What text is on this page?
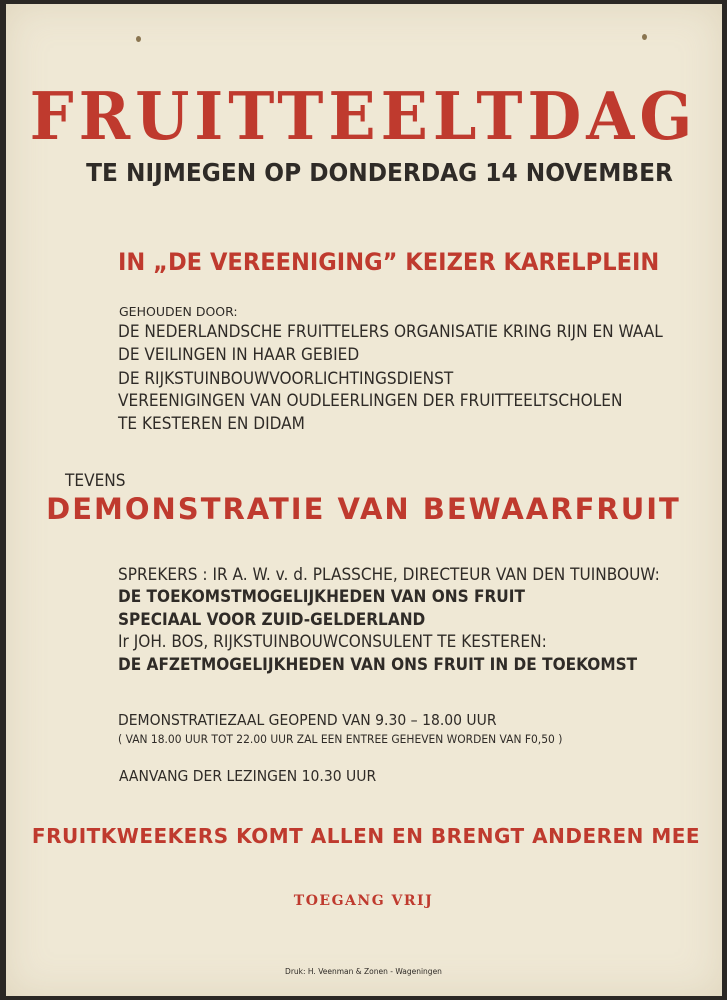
FRUITTEELTDAG
TE NIJMEGEN OP DONDERDAG 14 NOVEMBER
IN „DE VEREENIGING” KEIZER KARELPLEIN
GEHOUDEN DOOR:
DE NEDERLANDSCHE FRUITTELERS ORGANISATIE KRING RIJN EN WAAL
DE VEILINGEN IN HAAR GEBIED
DE RIJKSTUINBOUWVOORLICHTINGSDIENST
VEREENIGINGEN VAN OUDLEERLINGEN DER FRUITTEELTSCHOLEN
TE KESTEREN EN DIDAM
TEVENS
DEMONSTRATIE VAN BEWAARFRUIT
SPREKERS : IR A. W. v. d. PLASSCHE, DIRECTEUR VAN DEN TUINBOUW:
DE TOEKOMSTMOGELIJKHEDEN VAN ONS FRUIT
SPECIAAL VOOR ZUID-GELDERLAND
Ir JOH. BOS, RIJKSTUINBOUWCONSULENT TE KESTEREN:
DE AFZETMOGELIJKHEDEN VAN ONS FRUIT IN DE TOEKOMST
DEMONSTRATIEZAAL GEOPEND VAN 9.30 – 18.00 UUR
( VAN 18.00 UUR TOT 22.00 UUR ZAL EEN ENTREE GEHEVEN WORDEN VAN F0,50 )
AANVANG DER LEZINGEN 10.30 UUR
FRUITKWEEKERS KOMT ALLEN EN BRENGT ANDEREN MEE
TOEGANG VRIJ
Druk: H. Veenman & Zonen - Wageningen
